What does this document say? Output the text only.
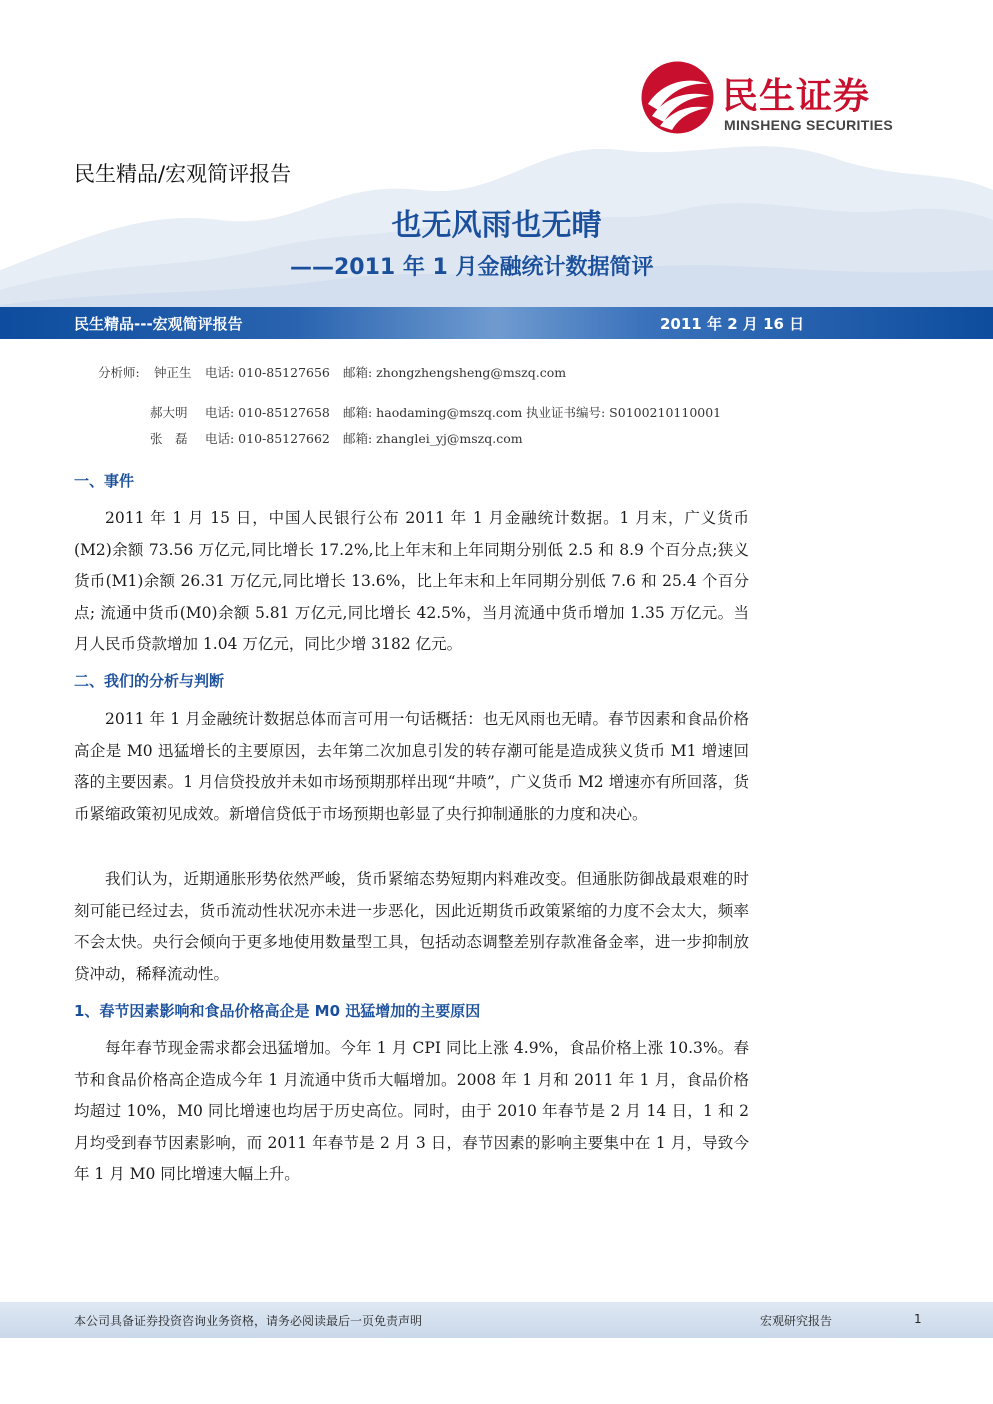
民生证券
MINSHENG SECURITIES
民生精品/宏观简评报告
也无风雨也无晴
——2011 年 1 月金融统计数据简评
民生精品---宏观简评报告	2011 年 2 月 16 日
分析师: 钟正生 电话: 010-85127656 邮箱: zhongzhengsheng@mszq.com
郝大明 电话: 010-85127658 邮箱: haodaming@mszq.com 执业证书编号: S0100210110001
张　磊 电话: 010-85127662 邮箱: zhanglei_yj@mszq.com
一、事件
2011 年 1 月 15 日，中国人民银行公布 2011 年 1 月金融统计数据。1 月末，广义货币(M2)余额 73.56 万亿元,同比增长 17.2%,比上年末和上年同期分别低 2.5 和 8.9 个百分点;狭义货币(M1)余额 26.31 万亿元,同比增长 13.6%，比上年末和上年同期分别低 7.6 和 25.4 个百分点; 流通中货币(M0)余额 5.81 万亿元,同比增长 42.5%，当月流通中货币增加 1.35 万亿元。当月人民币贷款增加 1.04 万亿元，同比少增 3182 亿元。
二、我们的分析与判断
2011 年 1 月金融统计数据总体而言可用一句话概括：也无风雨也无晴。春节因素和食品价格高企是 M0 迅猛增长的主要原因，去年第二次加息引发的转存潮可能是造成狭义货币 M1 增速回落的主要因素。1 月信贷投放并未如市场预期那样出现“井喷”，广义货币 M2 增速亦有所回落，货币紧缩政策初见成效。新增信贷低于市场预期也彰显了央行抑制通胀的力度和决心。
我们认为，近期通胀形势依然严峻，货币紧缩态势短期内料难改变。但通胀防御战最艰难的时刻可能已经过去，货币流动性状况亦未进一步恶化，因此近期货币政策紧缩的力度不会太大，频率不会太快。央行会倾向于更多地使用数量型工具，包括动态调整差别存款准备金率，进一步抑制放贷冲动，稀释流动性。
1、春节因素影响和食品价格高企是 M0 迅猛增加的主要原因
每年春节现金需求都会迅猛增加。今年 1 月 CPI 同比上涨 4.9%，食品价格上涨 10.3%。春节和食品价格高企造成今年 1 月流通中货币大幅增加。2008 年 1 月和 2011 年 1 月，食品价格均超过 10%，M0 同比增速也均居于历史高位。同时，由于 2010 年春节是 2 月 14 日，1 和 2 月均受到春节因素影响，而 2011 年春节是 2 月 3 日，春节因素的影响主要集中在 1 月，导致今年 1 月 M0 同比增速大幅上升。
本公司具备证券投资咨询业务资格，请务必阅读最后一页免责声明	宏观研究报告	1
